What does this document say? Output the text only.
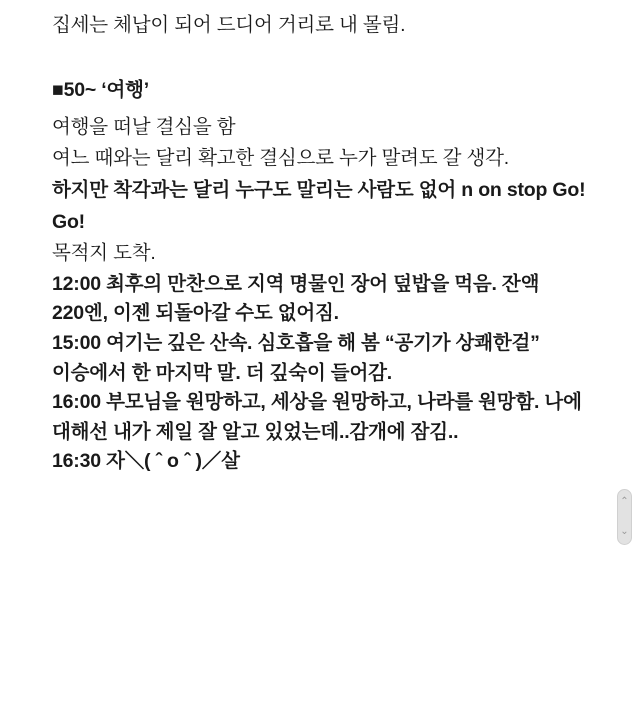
집세는 체납이 되어 드디어 거리로 내 몰림.

■50~ ‘여행’

여행을 떠날 결심을 함

여느 때와는 달리 확고한 결심으로 누가 말려도 갈 생각.

하지만 착각과는 달리 누구도 말리는 사람도 없어 n on stop Go! Go!

목적지 도착.

12:00 최후의 만찬으로 지역 명물인 장어 덮밥을 먹음. 잔액 220엔, 이젠 되돌아갈 수도 없어짐.

15:00 여기는 깊은 산속. 심호흡을 해 봄 “공기가 상쾌한걸” 이승에서 한 마지막 말. 더 깊숙이 들어감.

16:00 부모님을 원망하고, 세상을 원망하고, 나라를 원망함. 나에 대해선 내가 제일 잘 알고 있었는데..감개에 잠김..

16:30 자＼( ˆ o ˆ )／살

⌃
⌄
